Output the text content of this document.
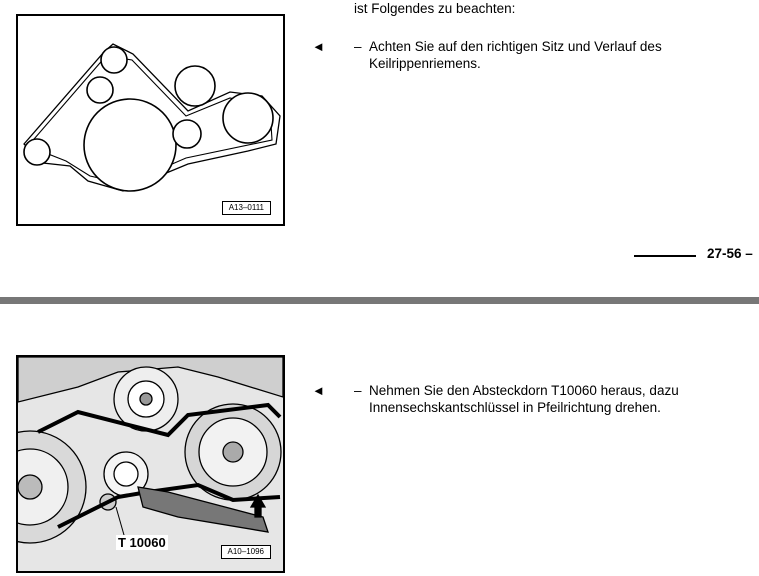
A13–0111
ist Folgendes zu beachten:
◄ – Achten Sie auf den richtigen Sitz und Verlauf des Keilrippenriemens.
27-56 –
A10–1096
T 10060
◄ – Nehmen Sie den Absteckdorn T10060 heraus, dazu Innensechskantschlüssel in Pfeilrichtung drehen.
